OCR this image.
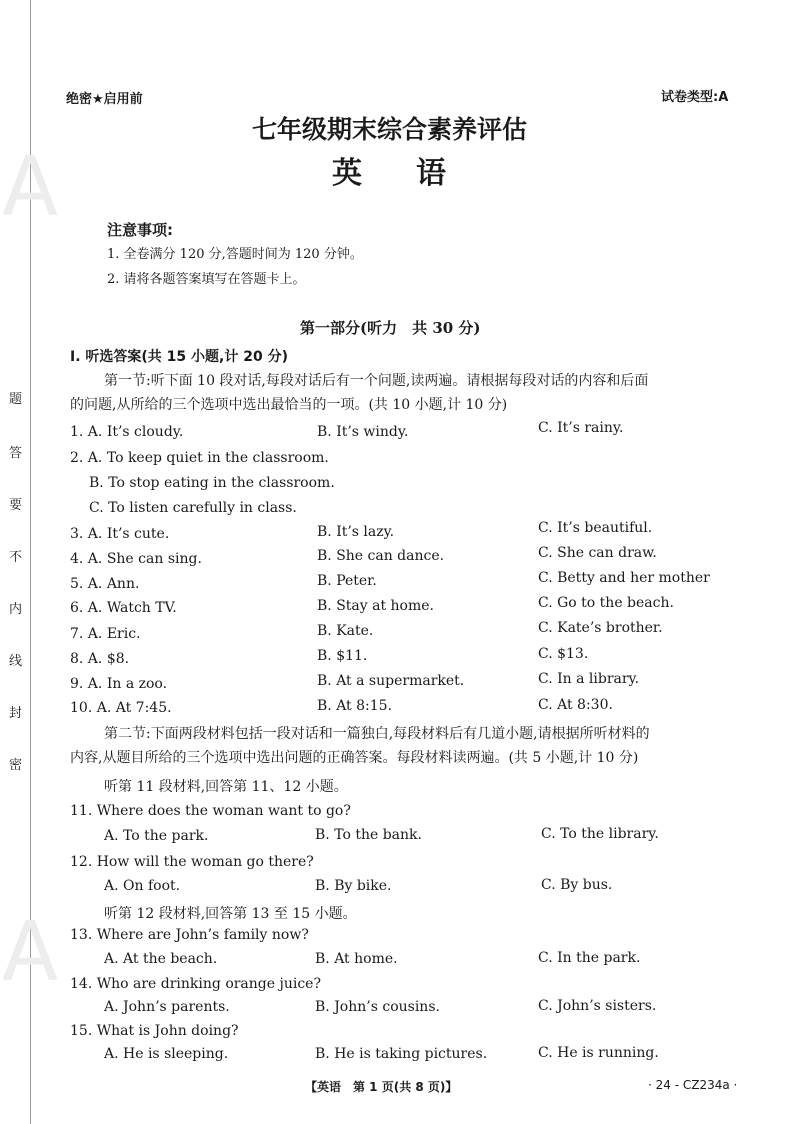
A
A
题
答
要
不
内
线
封
密
绝密★启用前	试卷类型:A
七年级期末综合素养评估
英语
注意事项:
1. 全卷满分 120 分,答题时间为 120 分钟。
2. 请将各题答案填写在答题卡上。
第一部分(听力　共 30 分)
Ⅰ. 听选答案(共 15 小题,计 20 分)
第一节:听下面 10 段对话,每段对话后有一个问题,读两遍。请根据每段对话的内容和后面
的问题,从所给的三个选项中选出最恰当的一项。(共 10 小题,计 10 分)
1. A. It’s cloudy.	B. It’s windy.	C. It’s rainy.
2. A. To keep quiet in the classroom.
B. To stop eating in the classroom.
C. To listen carefully in class.
3. A. It’s cute.	B. It’s lazy.	C. It’s beautiful.
4. A. She can sing.	B. She can dance.	C. She can draw.
5. A. Ann.	B. Peter.	C. Betty and her mother
6. A. Watch TV.	B. Stay at home.	C. Go to the beach.
7. A. Eric.	B. Kate.	C. Kate’s brother.
8. A. $8.	B. $11.	C. $13.
9. A. In a zoo.	B. At a supermarket.	C. In a library.
10. A. At 7:45.	B. At 8:15.	C. At 8:30.
第二节:下面两段材料包括一段对话和一篇独白,每段材料后有几道小题,请根据所听材料的
内容,从题目所给的三个选项中选出问题的正确答案。每段材料读两遍。(共 5 小题,计 10 分)
听第 11 段材料,回答第 11、12 小题。
11. Where does the woman want to go?
A. To the park.	B. To the bank.	C. To the library.
12. How will the woman go there?
A. On foot.	B. By bike.	C. By bus.
听第 12 段材料,回答第 13 至 15 小题。
13. Where are John’s family now?
A. At the beach.	B. At home.	C. In the park.
14. Who are drinking orange juice?
A. John’s parents.	B. John’s cousins.	C. John’s sisters.
15. What is John doing?
A. He is sleeping.	B. He is taking pictures.	C. He is running.
【英语　第 1 页(共 8 页)】	· 24 - CZ234a ·
